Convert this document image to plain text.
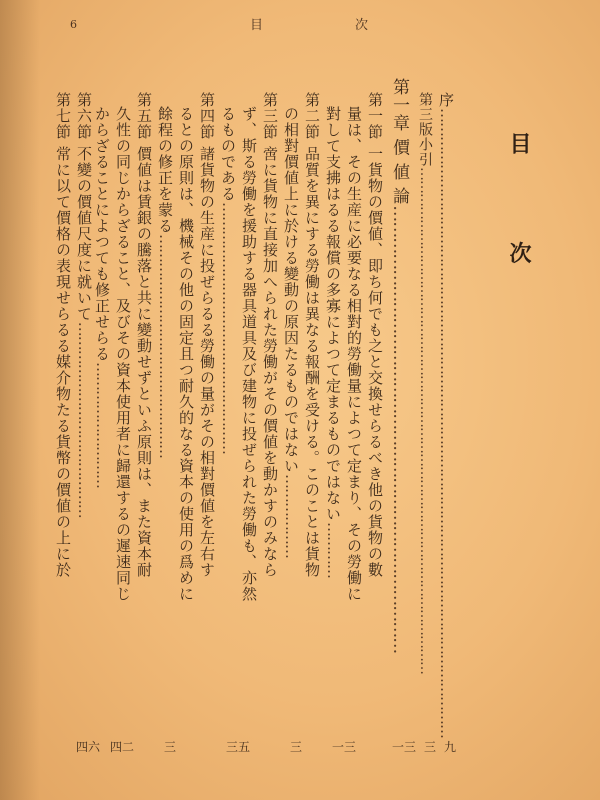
目	次
6
目 次
序………………………………………………………………………………………………………………………
九
第三版小引………………………………………………………………………………………………………
三
第一章 價 値 論…………………………………………………………………………
一三
第一節 一貨物の價値、即ち何でも之と交換せらるべき他の貨物の數
量は、その生産に必要なる相對的勞働量によつて定まり、その勞働に
對して支拂はるる報償の多寡によつて定まるものではない…………
一三
第二節 品質を異にする勞働は異なる報酬を受ける。このことは貨物
の相對價値上に於ける變動の原因たるものではない………………
三
第三節 啻に貨物に直接加へられた勞働がその價値を動かすのみなら
ず、斯る勞働を援助する器具道具及び建物に投ぜられた勞働も、亦然
るものである………………………………………………
三五
第四節 諸貨物の生産に投ぜらるる勞働の量がその相對價値を左右す
るとの原則は、機械その他の固定且つ耐久的なる資本の使用の爲めに
餘程の修正を蒙る…………………………………………
三
第五節 價値は賃銀の騰落と共に變動せずといふ原則は、また資本耐
久性の同じからざること、及びその資本使用者に歸還するの遲速同じ
からざることによつても修正せらる………………………
四二
第六節 不變の價値尺度に就いて……………………………………
第七節 常に以て價格の表現せらるる媒介物たる貨幣の價値の上に於
四六
